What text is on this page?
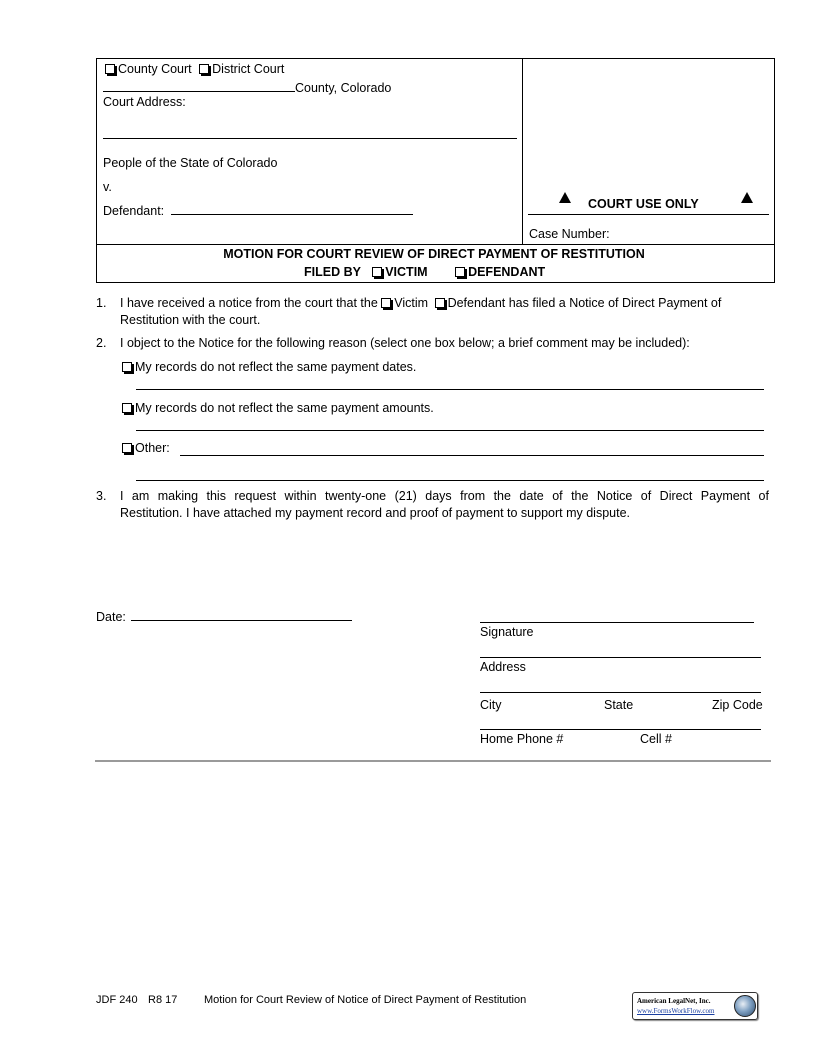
County Court District Court
County, Colorado
Court Address:
People of the State of Colorado
v.
Defendant:	COURT USE ONLY
Case Number:
MOTION FOR COURT REVIEW OF DIRECT PAYMENT OF RESTITUTION
FILED BY VICTIM	DEFENDANT
1. I have received a notice from the court that the Victim Defendant has filed a Notice of Direct Payment of
Restitution with the court.
2. I object to the Notice for the following reason (select one box below; a brief comment may be included):
My records do not reflect the same payment dates.
My records do not reflect the same payment amounts.
Other:
3. I am making this request within twenty-one (21) days from the date of the Notice of Direct Payment of
Restitution. I have attached my payment record and proof of payment to support my dispute.
Date:
Signature
Address
City	State	Zip Code
Home Phone #	Cell #
JDF 240 R8 17 Motion for Court Review of Notice of Direct Payment of Restitution	American LegalNet, Inc.
www.FormsWorkFlow.com
